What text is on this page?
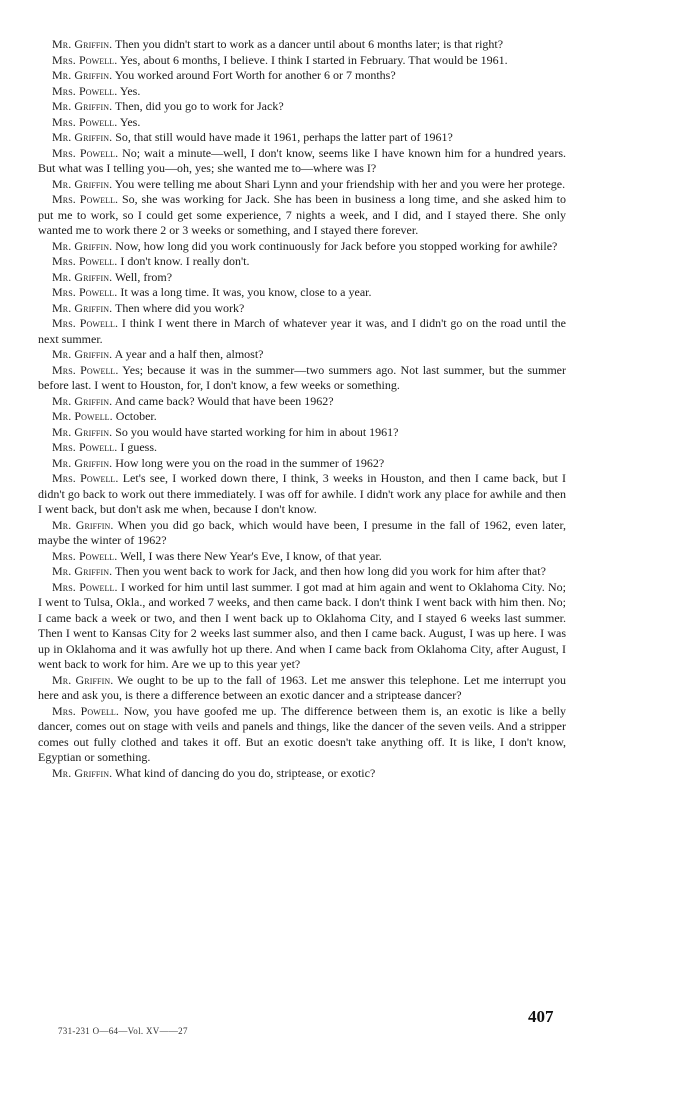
Mr. Griffin. Then you didn't start to work as a dancer until about 6 months later; is that right?

Mrs. Powell. Yes, about 6 months, I believe. I think I started in February. That would be 1961.

Mr. Griffin. You worked around Fort Worth for another 6 or 7 months?

Mrs. Powell. Yes.

Mr. Griffin. Then, did you go to work for Jack?

Mrs. Powell. Yes.

Mr. Griffin. So, that still would have made it 1961, perhaps the latter part of 1961?

Mrs. Powell. No; wait a minute—well, I don't know, seems like I have known him for a hundred years. But what was I telling you—oh, yes; she wanted me to—where was I?

Mr. Griffin. You were telling me about Shari Lynn and your friendship with her and you were her protege.

Mrs. Powell. So, she was working for Jack. She has been in business a long time, and she asked him to put me to work, so I could get some experience, 7 nights a week, and I did, and I stayed there. She only wanted me to work there 2 or 3 weeks or something, and I stayed there forever.

Mr. Griffin. Now, how long did you work continuously for Jack before you stopped working for awhile?

Mrs. Powell. I don't know. I really don't.

Mr. Griffin. Well, from?

Mrs. Powell. It was a long time. It was, you know, close to a year.

Mr. Griffin. Then where did you work?

Mrs. Powell. I think I went there in March of whatever year it was, and I didn't go on the road until the next summer.

Mr. Griffin. A year and a half then, almost?

Mrs. Powell. Yes; because it was in the summer—two summers ago. Not last summer, but the summer before last. I went to Houston, for, I don't know, a few weeks or something.

Mr. Griffin. And came back? Would that have been 1962?

Mr. Powell. October.

Mr. Griffin. So you would have started working for him in about 1961?

Mrs. Powell. I guess.

Mr. Griffin. How long were you on the road in the summer of 1962?

Mrs. Powell. Let's see, I worked down there, I think, 3 weeks in Houston, and then I came back, but I didn't go back to work out there immediately. I was off for awhile. I didn't work any place for awhile and then I went back, but don't ask me when, because I don't know.

Mr. Griffin. When you did go back, which would have been, I presume in the fall of 1962, even later, maybe the winter of 1962?

Mrs. Powell. Well, I was there New Year's Eve, I know, of that year.

Mr. Griffin. Then you went back to work for Jack, and then how long did you work for him after that?

Mrs. Powell. I worked for him until last summer. I got mad at him again and went to Oklahoma City. No; I went to Tulsa, Okla., and worked 7 weeks, and then came back. I don't think I went back with him then. No; I came back a week or two, and then I went back up to Oklahoma City, and I stayed 6 weeks last summer. Then I went to Kansas City for 2 weeks last summer also, and then I came back. August, I was up here. I was up in Oklahoma and it was awfully hot up there. And when I came back from Oklahoma City, after August, I went back to work for him. Are we up to this year yet?

Mr. Griffin. We ought to be up to the fall of 1963. Let me answer this telephone. Let me interrupt you here and ask you, is there a difference between an exotic dancer and a striptease dancer?

Mrs. Powell. Now, you have goofed me up. The difference between them is, an exotic is like a belly dancer, comes out on stage with veils and panels and things, like the dancer of the seven veils. And a stripper comes out fully clothed and takes it off. But an exotic doesn't take anything off. It is like, I don't know, Egyptian or something.

Mr. Griffin. What kind of dancing do you do, striptease, or exotic?

731-231 O—64—Vol. XV——27
407
